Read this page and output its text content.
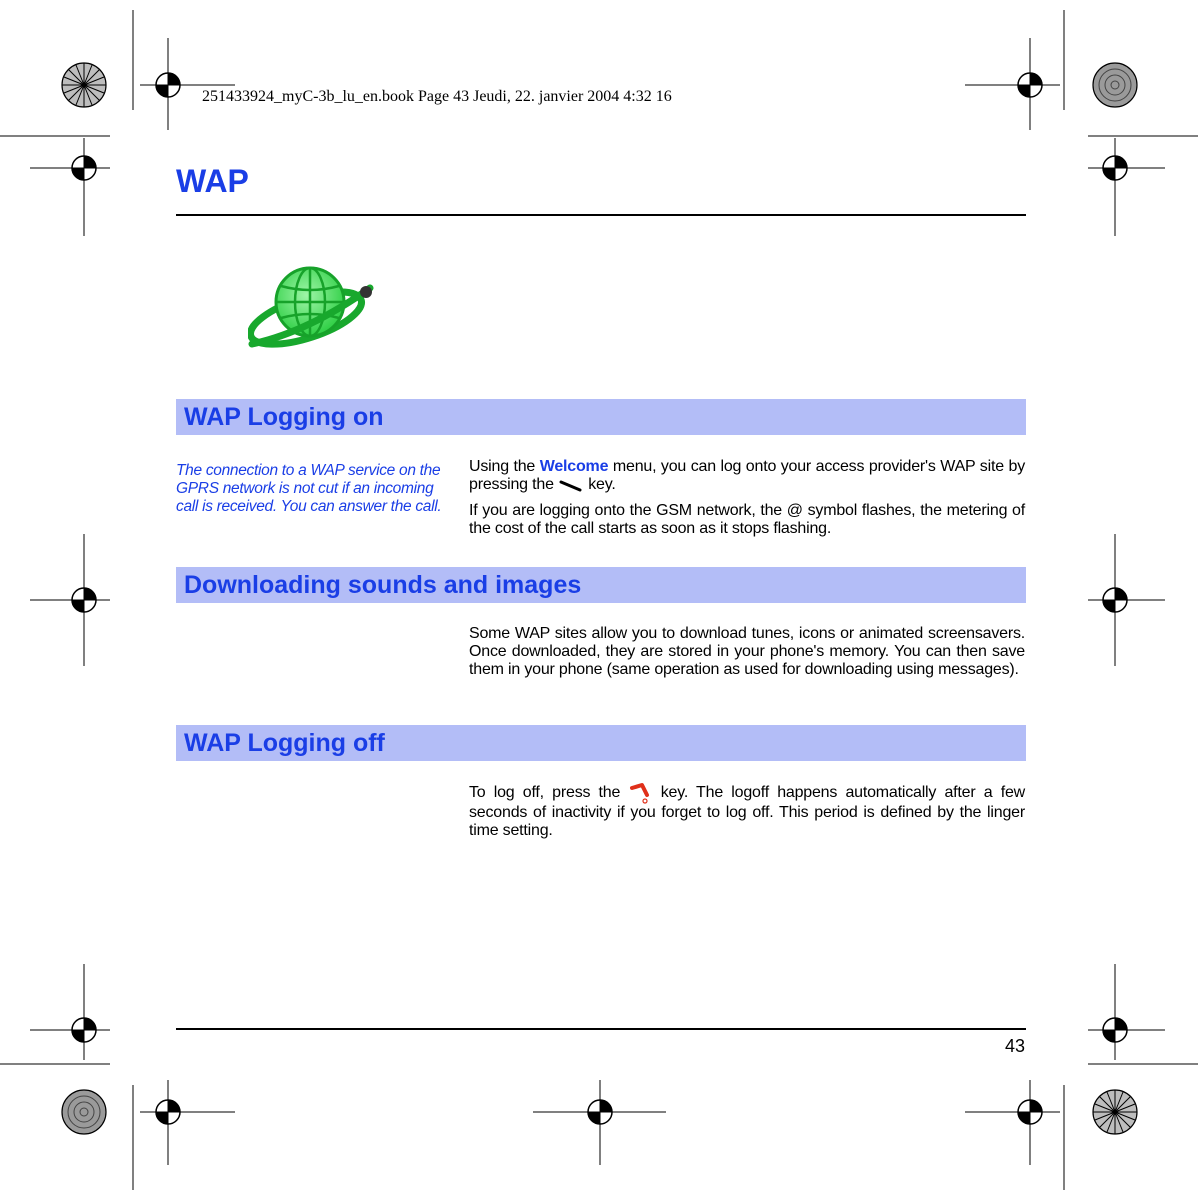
251433924_myC-3b_lu_en.book Page 43 Jeudi, 22. janvier 2004 4:32 16
WAP
WAP Logging on
The connection to a WAP service on the GPRS network is not cut if an incoming call is received. You can answer the call.

Using the Welcome menu, you can log onto your access provider's WAP site by pressing the  key.

If you are logging onto the GSM network, the @ symbol flashes, the metering of the cost of the call starts as soon as it stops flashing.

Downloading sounds and images

Some WAP sites allow you to download tunes, icons or animated screensavers. Once downloaded, they are stored in your phone's memory. You can then save them in your phone (same operation as used for downloading using messages).

WAP Logging off

To log off, press the  key. The logoff happens automatically after a few seconds of inactivity if you forget to log off. This period is defined by the linger time setting.

43
